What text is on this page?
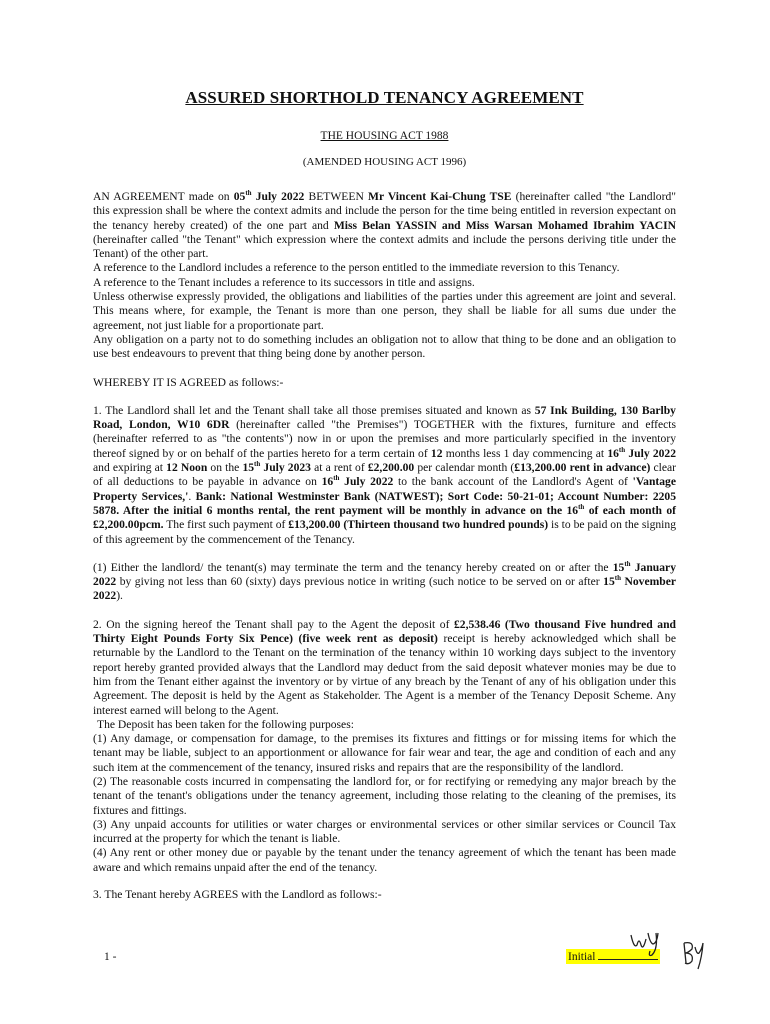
ASSURED SHORTHOLD TENANCY AGREEMENT

THE HOUSING ACT 1988

(AMENDED HOUSING ACT 1996)

AN AGREEMENT made on 05th July 2022 BETWEEN Mr Vincent Kai-Chung TSE (hereinafter called "the Landlord" this expression shall be where the context admits and include the person for the time being entitled in reversion expectant on the tenancy hereby created) of the one part and Miss Belan YASSIN and Miss Warsan Mohamed Ibrahim YACIN (hereinafter called "the Tenant" which expression where the context admits and include the persons deriving title under the Tenant) of the other part.

A reference to the Landlord includes a reference to the person entitled to the immediate reversion to this Tenancy.

A reference to the Tenant includes a reference to its successors in title and assigns.

Unless otherwise expressly provided, the obligations and liabilities of the parties under this agreement are joint and several. This means where, for example, the Tenant is more than one person, they shall be liable for all sums due under the agreement, not just liable for a proportionate part.

Any obligation on a party not to do something includes an obligation not to allow that thing to be done and an obligation to use best endeavours to prevent that thing being done by another person.

WHEREBY IT IS AGREED as follows:-

1. The Landlord shall let and the Tenant shall take all those premises situated and known as 57 Ink Building, 130 Barlby Road, London, W10 6DR (hereinafter called "the Premises") TOGETHER with the fixtures, furniture and effects (hereinafter referred to as "the contents") now in or upon the premises and more particularly specified in the inventory thereof signed by or on behalf of the parties hereto for a term certain of 12 months less 1 day commencing at 16th July 2022 and expiring at 12 Noon on the 15th July 2023 at a rent of £2,200.00 per calendar month (£13,200.00 rent in advance) clear of all deductions to be payable in advance on 16th July 2022 to the bank account of the Landlord's Agent of 'Vantage Property Services,'. Bank: National Westminster Bank (NATWEST); Sort Code: 50-21-01; Account Number: 2205 5878. After the initial 6 months rental, the rent payment will be monthly in advance on the 16th of each month of £2,200.00pcm. The first such payment of £13,200.00 (Thirteen thousand two hundred pounds) is to be paid on the signing of this agreement by the commencement of the Tenancy.

(1) Either the landlord/ the tenant(s) may terminate the term and the tenancy hereby created on or after the 15th January 2022 by giving not less than 60 (sixty) days previous notice in writing (such notice to be served on or after 15th November 2022).

2. On the signing hereof the Tenant shall pay to the Agent the deposit of £2,538.46 (Two thousand Five hundred and Thirty Eight Pounds Forty Six Pence) (five week rent as deposit) receipt is hereby acknowledged which shall be returnable by the Landlord to the Tenant on the termination of the tenancy within 10 working days subject to the inventory report hereby granted provided always that the Landlord may deduct from the said deposit whatever monies may be due to him from the Tenant either against the inventory or by virtue of any breach by the Tenant of any of his obligation under this Agreement. The deposit is held by the Agent as Stakeholder. The Agent is a member of the Tenancy Deposit Scheme. Any interest earned will belong to the Agent.

The Deposit has been taken for the following purposes:

(1) Any damage, or compensation for damage, to the premises its fixtures and fittings or for missing items for which the tenant may be liable, subject to an apportionment or allowance for fair wear and tear, the age and condition of each and any such item at the commencement of the tenancy, insured risks and repairs that are the responsibility of the landlord.

(2) The reasonable costs incurred in compensating the landlord for, or for rectifying or remedying any major breach by the tenant of the tenant's obligations under the tenancy agreement, including those relating to the cleaning of the premises, its fixtures and fittings.

(3) Any unpaid accounts for utilities or water charges or environmental services or other similar services or Council Tax incurred at the property for which the tenant is liable.

(4) Any rent or other money due or payable by the tenant under the tenancy agreement of which the tenant has been made aware and which remains unpaid after the end of the tenancy.

3. The Tenant hereby AGREES with the Landlord as follows:-

1 -	Initial
